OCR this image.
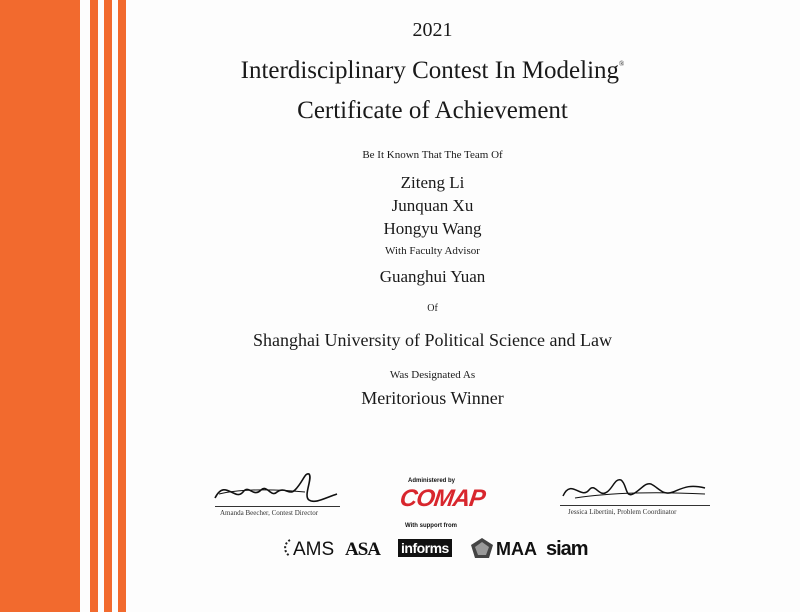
2021
Interdisciplinary Contest In Modeling®
Certificate of Achievement
Be It Known That The Team Of
Ziteng Li
Junquan Xu
Hongyu Wang
With Faculty Advisor
Guanghui Yuan
Of
Shanghai University of Political Science and Law
Was Designated As
Meritorious Winner
Amanda Beecher, Contest Director	Jessica Libertini, Problem Coordinator
Administered by
COMAP
With support from
AMS ASA informs	MAA siam
